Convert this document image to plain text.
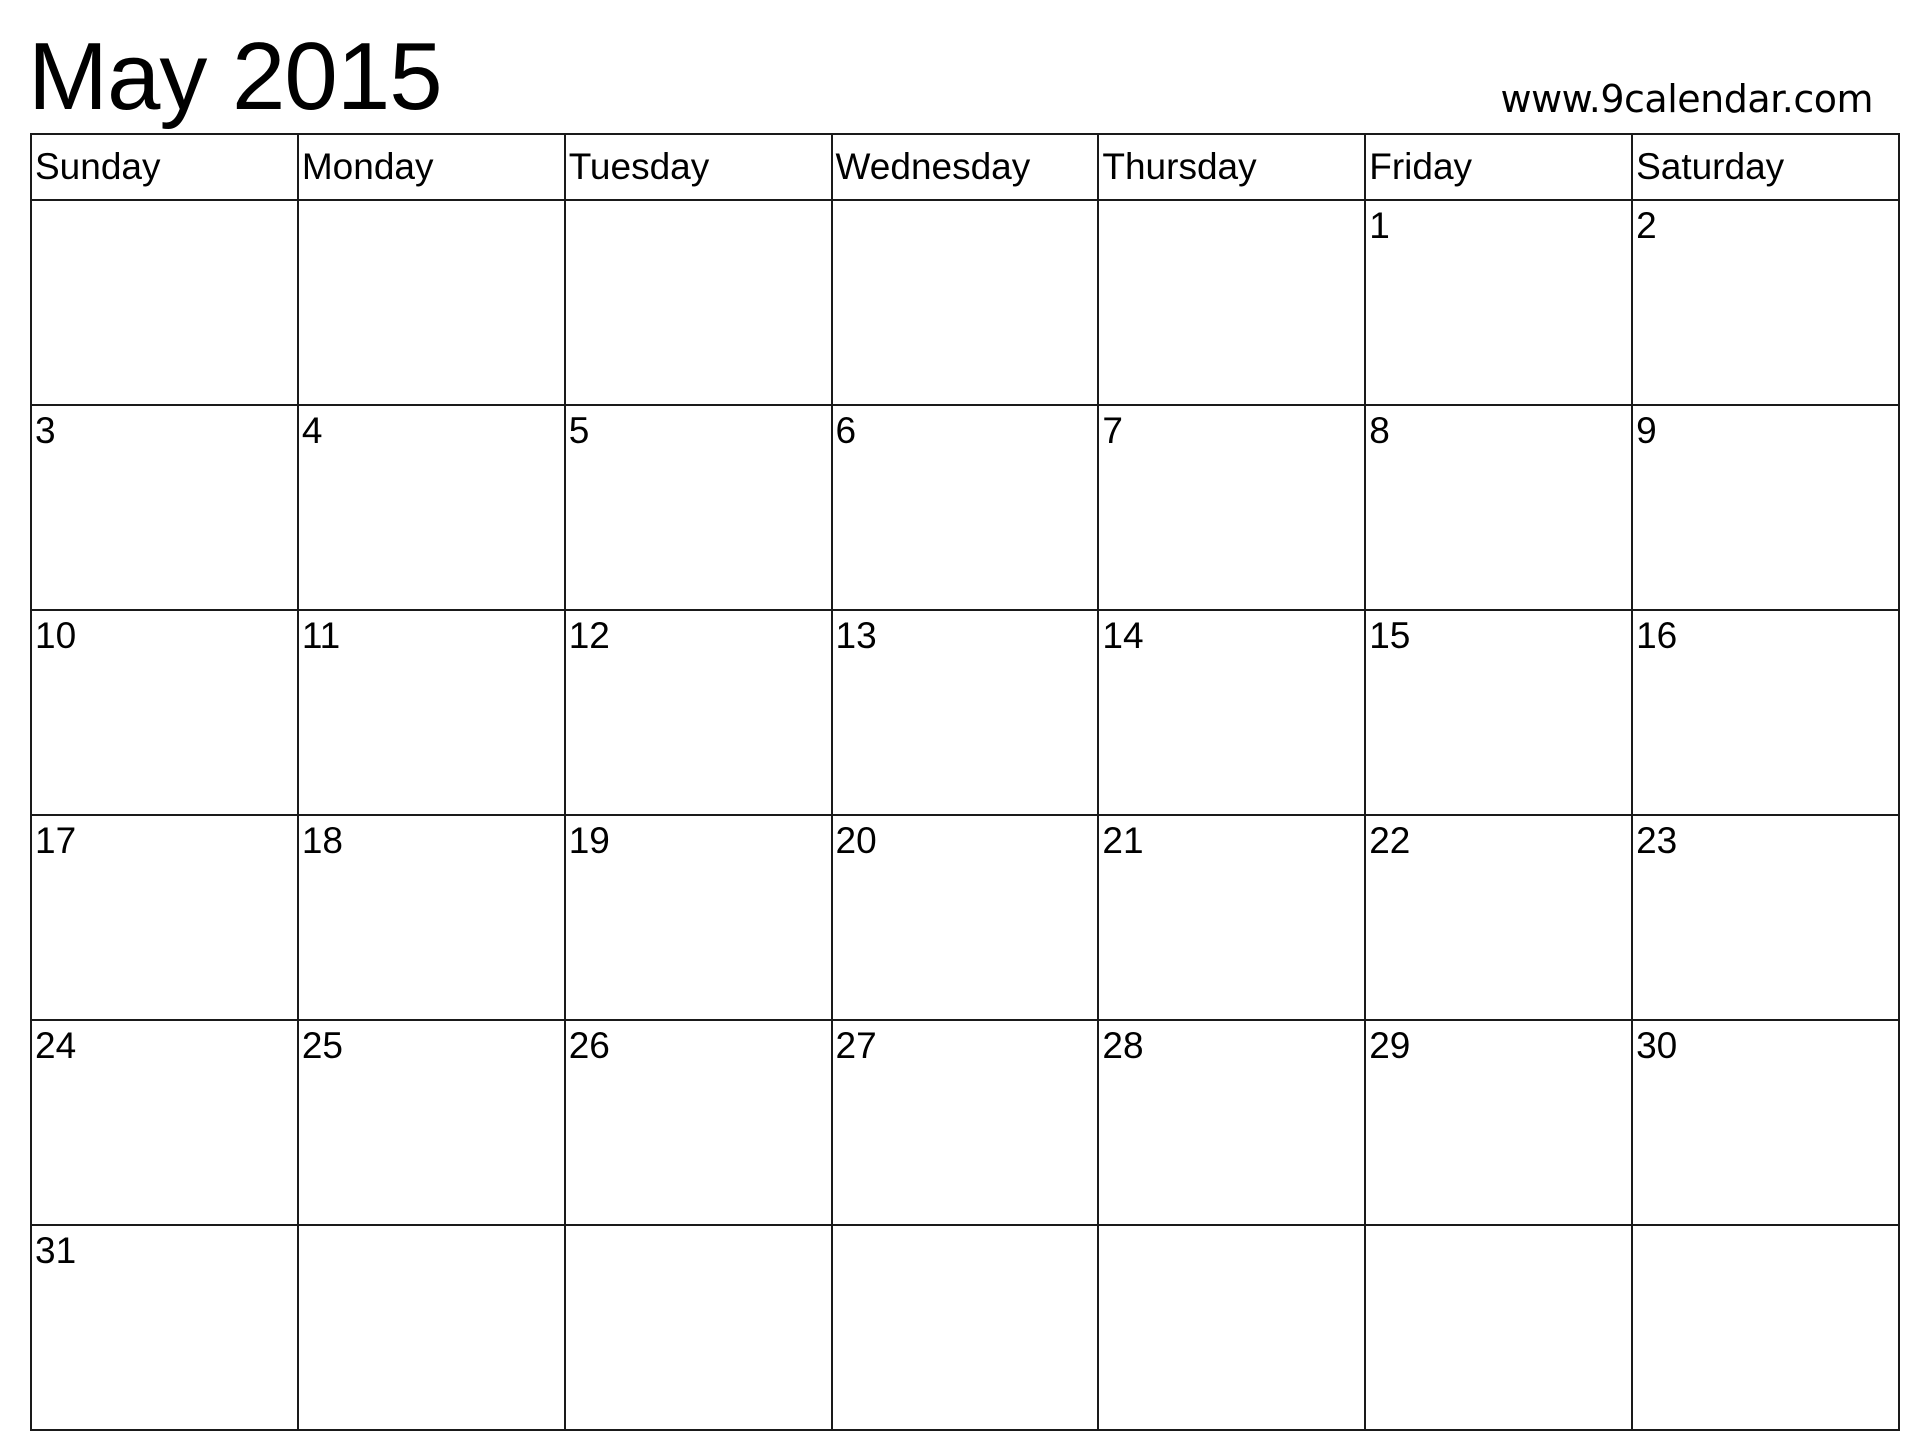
May 2015	www.9calendar.com
Sunday	Monday	Tuesday	Wednesday	Thursday	Friday	Saturday
					1	2
3	4	5	6	7	8	9
10	11	12	13	14	15	16
17	18	19	20	21	22	23
24	25	26	27	28	29	30
31						
